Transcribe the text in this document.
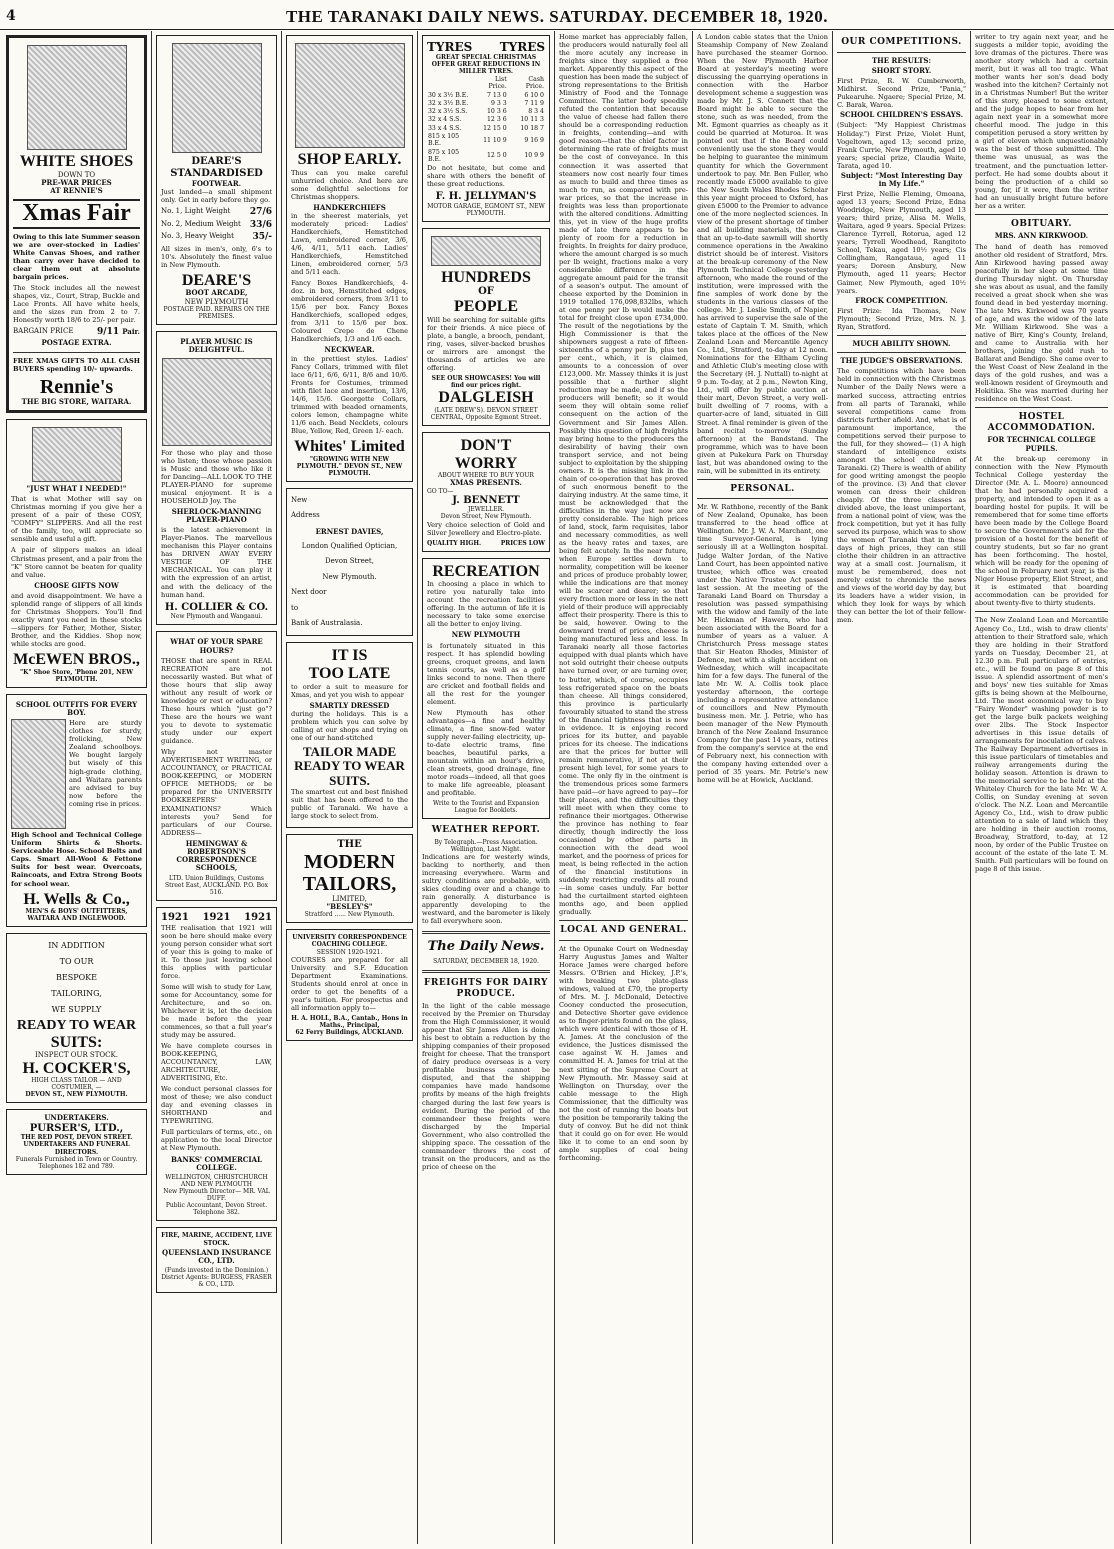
4	THE TARANAKI DAILY NEWS. SATURDAY. DECEMBER 18, 1920.
WHITE SHOES
DOWN TO
PRE-WAR PRICES
AT RENNIE'S
Xmas Fair

Owing to this late Summer season we are over-stocked in Ladies' White Canvas Shoes, and rather than carry over have decided to clear them out at absolute bargain prices.

The Stock includes all the newest shapes, viz., Court, Strap, Buckle and Lace Fronts. All have white heels, and the sizes run from 2 to 7. Honestly worth 18/6 to 25/- per pair.

BARGAIN PRICE	9/11 Pair.
POSTAGE EXTRA.

FREE XMAS GIFTS TO ALL CASH BUYERS spending 10/- upwards.

Rennie's
THE BIG STORE, WAITARA.
"JUST WHAT I NEEDED!"

That is what Mother will say on Christmas morning if you give her a present of a pair of these COSY, "COMFY" SLIPPERS. And all the rest of the family, too, will appreciate so sensible and useful a gift.

A pair of slippers makes an ideal Christmas present, and a pair from the "K" Store cannot be beaten for quality and value.

CHOOSE GIFTS NOW

and avoid disappointment. We have a splendid range of slippers of all kinds for Christmas Shoppers. You'll find exactly want you need in these stocks—slippers for Father, Mother, Sister, Brother, and the Kiddies. Shop now, while stocks are good.

McEWEN BROS.,
"K" Shoe Store, 'Phone 201, NEW PLYMOUTH.
SCHOOL OUTFITS FOR EVERY BOY.

Here are sturdy clothes for sturdy, frolicking, New Zealand schoolboys. We bought largely but wisely of this high-grade clothing, and Waitara parents are advised to buy now before the coming rise in prices.

High School and Technical College Uniform Shirts & Shorts. Serviceable Hose. School Belts and Caps. Smart All-Wool & Fettone Suits for best wear. Overcoats, Raincoats, and Extra Strong Boots for school wear.

H. Wells & Co.,
MEN'S & BOYS' OUTFITTERS, WAITARA AND INGLEWOOD.
IN ADDITION
TO OUR
BESPOKE
TAILORING,
WE SUPPLY
READY TO WEAR
SUITS:
INSPECT OUR STOCK.
H. COCKER'S,
HIGH CLASS TAILOR — AND COSTUMIER, —
DEVON ST., NEW PLYMOUTH.
UNDERTAKERS.
PURSER'S, LTD.,
THE RED POST, DEVON STREET.
UNDERTAKERS AND FUNERAL DIRECTORS.
Funerals Furnished in Town or Country. Telephones 182 and 789.
DEARE'S
STANDARDISED
FOOTWEAR.

Just landed—a small shipment only. Get in early before they go.

No. 1, Light Weight 27/6
No. 2, Medium Weight 33/6
No. 3, Heavy Weight 35/-

All sizes in men's, only, 6's to 10's. Absolutely the finest value in New Plymouth.

DEARE'S
BOOT ARCADE,
NEW PLYMOUTH
POSTAGE PAID. REPAIRS ON THE PREMISES.
PLAYER MUSIC IS DELIGHTFUL.

For those who play and those who listen; those whose passion is Music and those who like it for Dancing—ALL LOOK TO THE PLAYER-PIANO for supreme musical enjoyment. It is a HOUSEHOLD Joy. The

SHERLOCK-MANNING PLAYER-PIANO

is the latest achievement in Player-Pianos. The marvellous mechanism this Player contains has DRIVEN AWAY EVERY VESTIGE OF THE MECHANICAL. You can play it with the expression of an artist, and with the delicacy of the human hand.

H. COLLIER & CO.
New Plymouth and Wanganui.
WHAT OF YOUR SPARE HOURS?

THOSE that are spent in REAL RECREATION are not necessarily wasted. But what of those hours that slip away without any result of work or knowledge or rest or education? These hours which "just go"? These are the hours we want you to devote to systematic study under our expert guidance.

Why not master ADVERTISEMENT WRITING, or ACCOUNTANCY, or PRACTICAL BOOK-KEEPING, or MODERN OFFICE METHODS; or be prepared for the UNIVERSITY BOOKKEEPERS' EXAMINATIONS? Which interests you? Send for particulars of our Course. ADDRESS—

HEMINGWAY & ROBERTSON'S CORRESPONDENCE SCHOOLS,
LTD. Union Buildings, Customs Street East, AUCKLAND. P.O. Box 516.
1921 1921 1921

THE realisation that 1921 will soon be here should make every young person consider what sort of year this is going to make of it. To those just leaving school this applies with particular force.

Some will wish to study for Law, some for Accountancy, some for Architecture, and so on. Whichever it is, let the decision be made before the year commences, so that a full year's study may be assured.

We have complete courses in BOOK-KEEPING, ACCOUNTANCY, LAW, ARCHITECTURE, ADVERTISING, Etc.

We conduct personal classes for most of these; we also conduct day and evening classes in SHORTHAND and TYPEWRITING.

Full particulars of terms, etc., on application to the local Director at New Plymouth.

BANKS' COMMERCIAL COLLEGE.
WELLINGTON, CHRISTCHURCH AND NEW PLYMOUTH
New Plymouth Director— MR. VAL DUFF.
Public Accountant, Devon Street. Telephone 382.
FIRE, MARINE, ACCIDENT, LIVE STOCK.
QUEENSLAND INSURANCE CO., LTD.
(Funds invested in the Dominion.) District Agents: BURGESS, FRASER & CO., LTD.
SHOP EARLY.

Thus can you make careful unhurried choice. And here are some delightful selections for Christmas shoppers.

HANDKERCHIEFS

in the sheerest materials, yet moderately priced: Ladies' Handkerchiefs, Hemstitched Lawn, embroidered corner, 3/6, 4/6, 4/11, 5/11 each. Ladies' Handkerchiefs, Hemstitched Linen, embroidered corner, 5/3 and 5/11 each.

Fancy Boxes Handkerchiefs, 4-doz. in box, Hemstitched edges, embroidered corners, from 3/11 to 15/6 per box. Fancy Boxes Handkerchiefs, scalloped edges, from 3/11 to 15/6 per box. Coloured Crepe de Chene Handkerchiefs, 1/3 and 1/6 each.

NECKWEAR.

in the prettiest styles. Ladies' Fancy Collars, trimmed with filet lace 6/11, 6/6, 6/11, 8/6 and 10/6. Fronts for Costumes, trimmed with filet lace and insertion, 13/6, 14/6, 15/6. Georgette Collars, trimmed with beaded ornaments, colors lemon, champagne white 11/6 each. Bead Necklets, colours Blue, Yellow, Red, Green 1/- each.

Whites' Limited
"GROWING WITH NEW PLYMOUTH." DEVON ST., NEW PLYMOUTH.
New
Address
ERNEST DAVIES,
London Qualified Optician,
Devon Street,
New Plymouth.
Next door
to
Bank of Australasia.
IT IS
TOO LATE

to order a suit to measure for Xmas, and yet you wish to appear

SMARTLY DRESSED

during the holidays. This is a problem which you can solve by calling at our shops and trying on one of our hand-stitched

TAILOR MADE
READY TO WEAR
SUITS.

The smartest cut and best finished suit that has been offered to the public of Taranaki. We have a large stock to select from.

THE
MODERN
TAILORS,
LIMITED,
"BESLEY'S"
Stratford ...... New Plymouth.
UNIVERSITY CORRESPONDENCE COACHING COLLEGE.
SESSION 1920-1921.

COURSES are prepared for all University and S.F. Education Department Examinations. Students should enrol at once in order to get the benefits of a year's tuition. For prospectus and all information apply to—

H. A. HOLL, B.A., Cantab., Hons in Maths., Principal,
62 Ferry Buildings, AUCKLAND.
TYRES TYRES
GREAT SPECIAL CHRISTMAS OFFER GREAT REDUCTIONS IN MILLER TYRES.
	List Price.	Cash Price.
30 x 3½ B.E.	7 13 0	6 10 0
32 x 3½ B.E.	9 3 3	7 11 9
32 x 3½ S.S.	10 3 6	8 3 4
32 x 4 S.S.	12 3 6	10 11 3
33 x 4 S.S.	12 15 0	10 18 7
815 x 105 B.E.	11 10 9	9 16 9
875 x 105 B.E.	12 5 0	10 9 9

Do not hesitate, but come and share with others the benefit of these great reductions.

F. H. JELLYMAN'S
MOTOR GARAGE, EGMONT ST., NEW PLYMOUTH.
HUNDREDS
OF
PEOPLE

Will be searching for suitable gifts for their friends. A nice piece of plate, a bangle, a brooch, pendant, ring, vases, silver-backed brushes or mirrors are amongst the thousands of articles we are offering.

SEE OUR SHOWCASES! You will find our prices right.
DALGLEISH
(LATE DREW'S). DEVON STREET CENTRAL, Opposite Egmont Street.
DON'T
WORRY
ABOUT WHERE TO BUY YOUR
XMAS PRESENTS.
GO TO—
J. BENNETT
JEWELLER.
Devon Street, New Plymouth.

Very choice selection of Gold and Silver Jewellery and Electro-plate.

QUALITY HIGH.	PRICES LOW
RECREATION

In choosing a place in which to retire you naturally take into account the recreation facilities offering. In the autumn of life it is necessary to take some exercise all the better to enjoy living.

NEW PLYMOUTH

is fortunately situated in this respect. It has splendid bowling greens, croquet greens, and lawn tennis courts, as well as a golf links second to none. Then there are cricket and football fields and all the rest for the younger element.

New Plymouth has other advantages—a fine and healthy climate, a fine snow-fed water supply never-failing electricity, up-to-date electric trams, fine beaches, beautiful parks, a mountain within an hour's drive, clean streets, good drainage, fine motor roads—indeed, all that goes to make life agreeable, pleasant and profitable.

Write to the Tourist and Expansion League for Booklets.
WEATHER REPORT.
By Telegraph.—Press Association.
Wellington, Last Night.

Indications are for westerly winds, backing to northerly, and then increasing everywhere. Warm and sultry conditions are probable, with skies clouding over and a change to rain generally. A disturbance is apparently developing to the westward, and the barometer is likely to fall everywhere soon.

The Daily News.
SATURDAY, DECEMBER 18, 1920.
FREIGHTS FOR DAIRY PRODUCE.

In the light of the cable message received by the Premier on Thursday from the High Commissioner, it would appear that Sir James Allen is doing his best to obtain a reduction by the shipping companies of their proposed freight for cheese. That the transport of dairy produce overseas is a very profitable business cannot be disputed, and that the shipping companies have made handsome profits by means of the high freights charged during the last few years is evident. During the period of the commandeer these freights were discharged by the Imperial Government, who also controlled the shipping space. The cessation of the commandeer throws the cost of transit on the producers, and as the price of cheese on the

Home market has appreciably fallen, the producers would naturally feel all the more acutely any increase in freights since they supplied a free market. Apparently this aspect of the question has been made the subject of strong representations to the British Ministry of Food and the Tonnage Committee. The latter body speedily refuted the contention that because the value of cheese had fallen there should be a corresponding reduction in freights, contending—and with good reason—that the chief factor in determining the rate of freights must be the cost of conveyance. In this connection it was asserted that steamers now cost nearly four times as much to build and three times as much to run, as compared with pre-war prices, so that the increase in freights was less than proportionate with the altered conditions. Admitting this, yet in view of the huge profits made of late there appears to be plenty of room for a reduction in freights. In freights for dairy produce, where the amount charged is so much per lb weight, fractions make a very considerable difference in the aggregate amount paid for the transit of a season's output. The amount of cheese exported by the Dominion in 1919 totalled 176,098,832lbs, which at one penny per lb would make the total for freight close upon £734,000. The result of the negotiations by the High Commissioner is that the shipowners suggest a rate of fifteen-sixteenths of a penny per lb, plus ten per cent., which, it is claimed, amounts to a concession of over £123,000. Mr. Massey thinks it is just possible that a further slight reduction may be made, and if so the producers will benefit; so it would seem they will obtain some relief consequent on the action of the Government and Sir James Allen. Possibly this question of high freights may bring home to the producers the desirability of having their own transport service, and not being subject to exploitation by the shipping owners. It is the missing link in the chain of co-operation that has proved of such enormous benefit to the dairying industry. At the same time, it must be acknowledged that the difficulties in the way just now are pretty considerable. The high prices of land, stock, farm requisites, labor and necessary commodities, as well as the heavy rates and taxes, are being felt acutely. In the near future, when Europe settles down to normality, competition will be keener and prices of produce probably lower, while the indications are that money will be scarcer and dearer; so that every fraction more or less in the nett yield of their produce will appreciably affect their prosperity. There is this to be said, however. Owing to the downward trend of prices, cheese is being manufactured less and less. In Taranaki nearly all those factories equipped with dual plants which have not sold outright their cheese outputs have turned over, or are turning over, to butter, which, of course, occupies less refrigerated space on the boats than cheese. All things considered, this province is particularly favourably situated to stand the stress of the financial tightness that is now in evidence. It is enjoying record prices for its butter, and payable prices for its cheese. The indications are that the prices for butter will remain remunerative, if not at their present high level, for some years to come. The only fly in the ointment is the tremendous prices some farmers have paid—or have agreed to pay—for their places, and the difficulties they will meet with when they come to refinance their mortgages. Otherwise the province has nothing to fear directly, though indirectly the loss occasioned by other parts in connection with the dead wool market, and the poorness of prices for meat, is being reflected in the action of the financial institutions in suddenly restricting credits all round—in some cases unduly. Far better had the curtailment started eighteen months ago, and been applied gradually.

LOCAL AND GENERAL.

At the Opunake Court on Wednesday Harry Augustus James and Walter Horace James were charged before Messrs. O'Brien and Hickey, J.P.'s, with breaking two plate-glass windows, valued at £70, the property of Mrs. M. J. McDonald, Detective Cooney conducted the prosecution, and Detective Shorter gave evidence as to finger-prints found on the glass, which were identical with those of H. A. James. At the conclusion of the evidence, the Justices dismissed the case against W. H. James and committed H. A. James for trial at the next sitting of the Supreme Court at New Plymouth. Mr. Massey said at Wellington on Thursday, over the cable message to the High Commissioner, that the difficulty was not the cost of running the boats but the position be temporarily taking the duty of convoy. But he did not think that it could go on for ever. He would like it to come to an end soon by ample supplies of coal being forthcoming.

A London cable states that the Union Steamship Company of New Zealand have purchased the steamer Gornoo. When the New Plymouth Harbor Board at yesterday's meeting were discussing the quarrying operations in connection with the Harbor development scheme a suggestion was made by Mr. J. S. Connett that the Board might be able to secure the stone, such as was needed, from the Mt. Egmont quarries as cheaply as it could be quarried at Moturoa. It was pointed out that if the Board could conveniently use the stone they would be helping to guarantee the minimum quantity for which the Government undertook to pay. Mr. Ben Fuller, who recently made £5000 available to give the New South Wales Rhodes Scholar this year might proceed to Oxford, has given £5000 to the Premier to advance one of the more neglected sciences. In view of the present shortage of timber and all building materials, the news that an up-to-date sawmill will shortly commence operations in the Awakino district should be of interest. Visitors at the break-up ceremony of the New Plymouth Technical College yesterday afternoon, who made the round of the institution, were impressed with the fine samples of work done by the students in the various classes of the college. Mr. J. Leslie Smith, of Napier, has arrived to supervise the sale of the estate of Captain T. M. Smith, which takes place at the offices of the New Zealand Loan and Mercantile Agency Co., Ltd., Stratford, to-day at 12 noon. Nominations for the Eltham Cycling and Athletic Club's meeting close with the Secretary (H. J. Nuttall) to-night at 9 p.m. To-day, at 2 p.m., Newton King, Ltd., will offer by public auction at their mart, Devon Street, a very well-built dwelling of 7 rooms, with a quarter-acre of land, situated in Gill Street. A final reminder is given of the band recital to-morrow (Sunday afternoon) at the Bandstand. The programme, which was to have been given at Pukekura Park on Thursday last, but was abandoned owing to the rain, will be submitted in its entirety.

PERSONAL.

Mr. W. Rathbone, recently of the Bank of New Zealand, Opunake, has been transferred to the head office at Wellington. Mr. J. W. A. Marchant, one time Surveyor-General, is lying seriously ill at a Wellington hospital. Judge Walter Jordan, of the Native Land Court, has been appointed native trustee, which office was created under the Native Trustee Act passed last session. At the meeting of the Taranaki Land Board on Thursday a resolution was passed sympathising with the widow and family of the late Mr. Hickman of Hawera, who had been associated with the Board for a number of years as a valuer. A Christchurch Press message states that Sir Heaton Rhodes, Minister of Defence, met with a slight accident on Wednesday, which will incapacitate him for a few days. The funeral of the late Mr. W. A. Collis took place yesterday afternoon, the cortege including a representative attendance of councillors and New Plymouth business men. Mr. J. Petrie, who has been manager of the New Plymouth branch of the New Zealand Insurance Company for the past 14 years, retires from the company's service at the end of February next, his connection with the company having extended over a period of 35 years. Mr. Petrie's new home will be at Howick, Auckland.

OUR COMPETITIONS.
THE RESULTS:
SHORT STORY.

First Prize, R. W. Cumberworth, Midhirst. Second Prize, "Pania," Pukearuhe. Ngaere; Special Prize, M. C. Barak, Warea.

SCHOOL CHILDREN'S ESSAYS.

(Subject: "My Happiest Christmas Holiday.") First Prize, Violet Hunt, Vogeltown, aged 13; second prize, Frank Currie, New Plymouth, aged 10 years; special prize, Claudia Waite, Tarata, aged 10.

Subject: "Most Interesting Day in My Life."

First Prize, Nellie Fleming, Omoana, aged 13 years; Second Prize, Edna Woodridge, New Plymouth, aged 13 years; third prize, Alisa M. Wells, Waitara, aged 9 years. Special Prizes: Clarence Tyrrell, Rotorua, aged 12 years; Tyrrell Woodhead, Rangitoto School, Tekau, aged 10½ years; Cis Collingham, Rangataua, aged 11 years; Doreen Ansbury, New Plymouth, aged 11 years; Hector Gaimer, New Plymouth, aged 10½ years.

FROCK COMPETITION.

First Prize: Ida Thomas, New Plymouth; Second Prize, Mrs. N. J. Ryan, Stratford.

MUCH ABILITY SHOWN.
THE JUDGE'S OBSERVATIONS.

The competitions which have been held in connection with the Christmas Number of the Daily News were a marked success, attracting entries from all parts of Taranaki, while several competitions came from districts further afield. And, what is of paramount importance, the competitions served their purpose to the full, for they showed— (1) A high standard of intelligence exists amongst the school children of Taranaki. (2) There is wealth of ability for good writing amongst the people of the province. (3) And that clever women can dress their children cheaply. Of the three classes as divided above, the least unimportant, from a national point of view, was the frock competition, but yet it has fully served its purpose, which was to show the women of Taranaki that in these days of high prices, they can still clothe their children in an attractive way at a small cost. Journalism, it must be remembered, does not merely exist to chronicle the news and views of the world day by day, but its leaders have a wider vision, in which they look for ways by which they can better the lot of their fellow-men.

writer to try again next year, and he suggests a milder topic, avoiding the love dramas of the pictures. There was another story which had a certain merit, but it was all too tragic. What mother wants her son's dead body washed into the kitchen? Certainly not in a Christmas Number! But the writer of this story, pleased to some extent, and the judge hopes to hear from her again next year in a somewhat more cheerful mood. The judge in this competition perused a story written by a girl of eleven which unquestionably was the best of those submitted. The theme was unusual, as was the treatment, and the punctuation letter-perfect. He had some doubts about it being the production of a child so young, for, if it were, then the writer had an unusually bright future before her as a writer.

OBITUARY.
MRS. ANN KIRKWOOD.

The hand of death has removed another old resident of Stratford, Mrs. Ann Kirkwood having passed away peacefully in her sleep at some time during Thursday night. On Thursday she was about as usual, and the family received a great shock when she was found dead in bed yesterday morning. The late Mrs. Kirkwood was 70 years of age, and was the widow of the late Mr. William Kirkwood. She was a native of Birr, King's County, Ireland, and came to Australia with her brothers, joining the gold rush to Ballarat and Bendigo. She came over to the West Coast of New Zealand in the days of the gold rushes, and was a well-known resident of Greymouth and Hokitika. She was married during her residence on the West Coast.

HOSTEL ACCOMMODATION.
FOR TECHNICAL COLLEGE PUPILS.

At the break-up ceremony in connection with the New Plymouth Technical College yesterday the Director (Mr. A. L. Moore) announced that he had personally acquired a property, and intended to open it as a boarding hostel for pupils. It will be remembered that for some time efforts have been made by the College Board to secure the Government's aid for the provision of a hostel for the benefit of country students, but so far no grant has been forthcoming. The hostel, which will be ready for the opening of the school in February next year, is the Niger House property, Eliot Street, and it is estimated that boarding accommodation can be provided for about twenty-five to thirty students.

The New Zealand Loan and Mercantile Agency Co., Ltd., wish to draw clients' attention to their Stratford sale, which they are holding in their Stratford yards on Tuesday, December 21, at 12.30 p.m. Full particulars of entries, etc., will be found on page 8 of this issue. A splendid assortment of men's and boys' new ties suitable for Xmas gifts is being shown at the Melbourne, Ltd. The most economical way to buy "Fairy Wonder" washing powder is to get the large bulk packets weighing over 2lbs. The Stock Inspector advertises in this issue details of arrangements for inoculation of calves. The Railway Department advertises in this issue particulars of timetables and railway arrangements during the holiday season. Attention is drawn to the memorial service to be held at the Whiteley Church for the late Mr. W. A. Collis, on Sunday evening at seven o'clock. The N.Z. Loan and Mercantile Agency Co., Ltd., wish to draw public attention to a sale of land which they are holding in their auction rooms, Broadway, Stratford, to-day, at 12 noon, by order of the Public Trustee on account of the estate of the late T. M. Smith. Full particulars will be found on page 8 of this issue.
